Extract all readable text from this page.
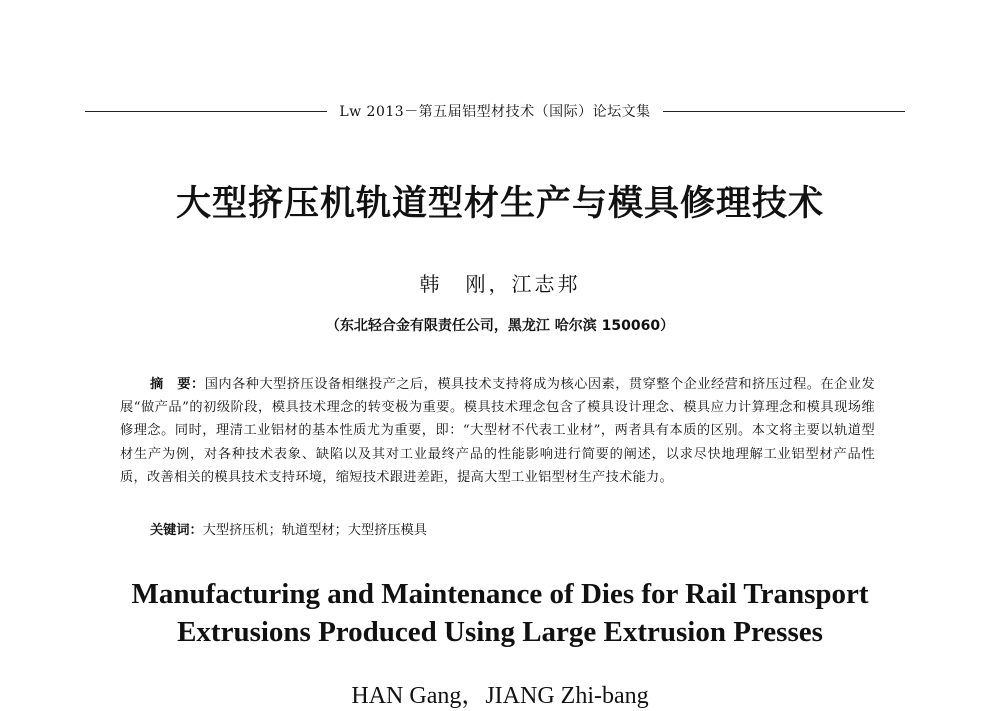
Lw 2013－第五届铝型材技术（国际）论坛文集
大型挤压机轨道型材生产与模具修理技术
韩　刚，江志邦
（东北轻合金有限责任公司，黑龙江 哈尔滨 150060）
摘　要：国内各种大型挤压设备相继投产之后，模具技术支持将成为核心因素，贯穿整个企业经营和挤压过程。在企业发展“做产品”的初级阶段，模具技术理念的转变极为重要。模具技术理念包含了模具设计理念、模具应力计算理念和模具现场维修理念。同时，理清工业铝材的基本性质尤为重要，即：“大型材不代表工业材”，两者具有本质的区别。本文将主要以轨道型材生产为例，对各种技术表象、缺陷以及其对工业最终产品的性能影响进行简要的阐述，以求尽快地理解工业铝型材产品性质，改善相关的模具技术支持环境，缩短技术跟进差距，提高大型工业铝型材生产技术能力。
关键词：大型挤压机；轨道型材；大型挤压模具
Manufacturing and Maintenance of Dies for Rail Transport
Extrusions Produced Using Large Extrusion Presses
HAN Gang，JIANG Zhi-bang
